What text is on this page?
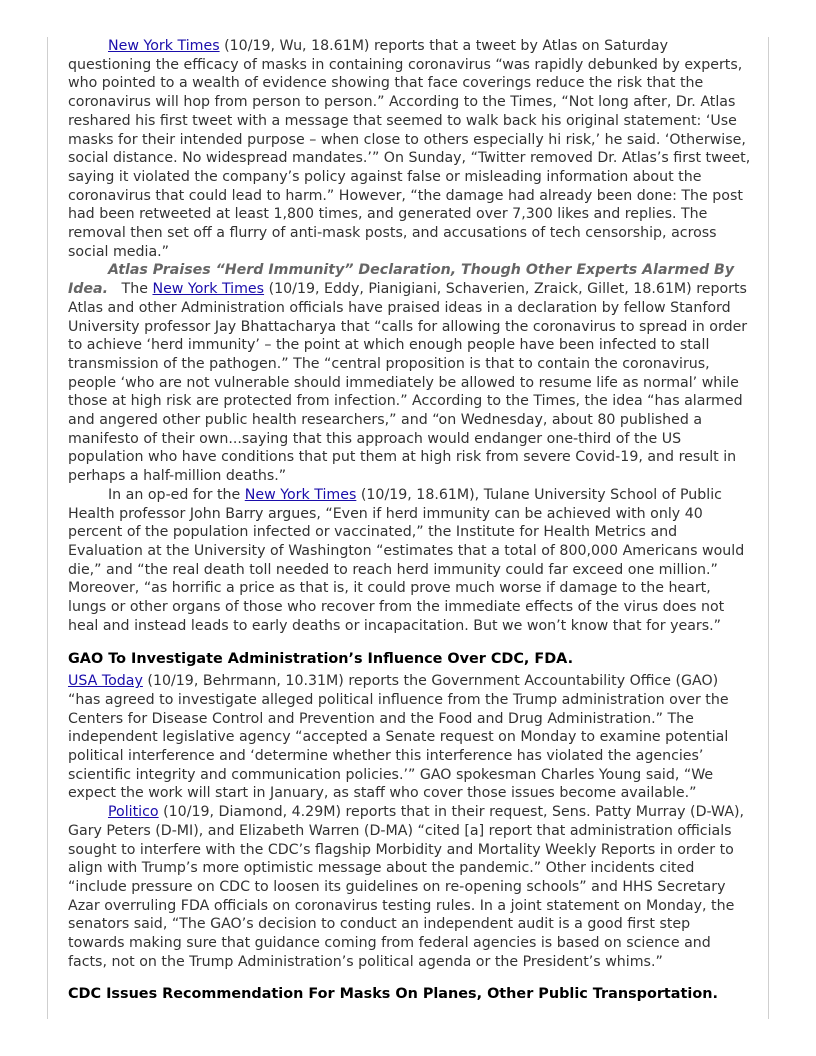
New York Times (10/19, Wu, 18.61M) reports that a tweet by Atlas on Saturday questioning the efficacy of masks in containing coronavirus “was rapidly debunked by experts, who pointed to a wealth of evidence showing that face coverings reduce the risk that the coronavirus will hop from person to person.” According to the Times, “Not long after, Dr. Atlas reshared his first tweet with a message that seemed to walk back his original statement: ‘Use masks for their intended purpose – when close to others especially hi risk,’ he said. ‘Otherwise, social distance. No widespread mandates.’” On Sunday, “Twitter removed Dr. Atlas’s first tweet, saying it violated the company’s policy against false or misleading information about the coronavirus that could lead to harm.” However, “the damage had already been done: The post had been retweeted at least 1,800 times, and generated over 7,300 likes and replies. The removal then set off a flurry of anti-mask posts, and accusations of tech censorship, across social media.”

Atlas Praises “Herd Immunity” Declaration, Though Other Experts Alarmed By Idea.   The New York Times (10/19, Eddy, Pianigiani, Schaverien, Zraick, Gillet, 18.61M) reports Atlas and other Administration officials have praised ideas in a declaration by fellow Stanford University professor Jay Bhattacharya that “calls for allowing the coronavirus to spread in order to achieve ‘herd immunity’ – the point at which enough people have been infected to stall transmission of the pathogen.” The “central proposition is that to contain the coronavirus, people ‘who are not vulnerable should immediately be allowed to resume life as normal’ while those at high risk are protected from infection.” According to the Times, the idea “has alarmed and angered other public health researchers,” and “on Wednesday, about 80 published a manifesto of their own...saying that this approach would endanger one-third of the US population who have conditions that put them at high risk from severe Covid-19, and result in perhaps a half-million deaths.”

In an op-ed for the New York Times (10/19, 18.61M), Tulane University School of Public Health professor John Barry argues, “Even if herd immunity can be achieved with only 40 percent of the population infected or vaccinated,” the Institute for Health Metrics and Evaluation at the University of Washington “estimates that a total of 800,000 Americans would die,” and “the real death toll needed to reach herd immunity could far exceed one million.” Moreover, “as horrific a price as that is, it could prove much worse if damage to the heart, lungs or other organs of those who recover from the immediate effects of the virus does not heal and instead leads to early deaths or incapacitation. But we won’t know that for years.”

GAO To Investigate Administration’s Influence Over CDC, FDA.

USA Today (10/19, Behrmann, 10.31M) reports the Government Accountability Office (GAO) “has agreed to investigate alleged political influence from the Trump administration over the Centers for Disease Control and Prevention and the Food and Drug Administration.” The independent legislative agency “accepted a Senate request on Monday to examine potential political interference and ‘determine whether this interference has violated the agencies’ scientific integrity and communication policies.’” GAO spokesman Charles Young said, “We expect the work will start in January, as staff who cover those issues become available.”

Politico (10/19, Diamond, 4.29M) reports that in their request, Sens. Patty Murray (D-WA), Gary Peters (D-MI), and Elizabeth Warren (D-MA) “cited [a] report that administration officials sought to interfere with the CDC’s flagship Morbidity and Mortality Weekly Reports in order to align with Trump’s more optimistic message about the pandemic.” Other incidents cited “include pressure on CDC to loosen its guidelines on re-opening schools” and HHS Secretary Azar overruling FDA officials on coronavirus testing rules. In a joint statement on Monday, the senators said, “The GAO’s decision to conduct an independent audit is a good first step towards making sure that guidance coming from federal agencies is based on science and facts, not on the Trump Administration’s political agenda or the President’s whims.”

CDC Issues Recommendation For Masks On Planes, Other Public Transportation.
